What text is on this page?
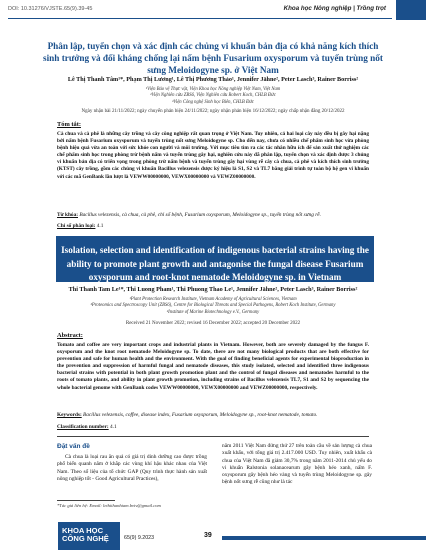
DOI: 10.31276/VJSTE.65(9).39-45	Khoa học Nông nghiệp | Trồng trọt
Phân lập, tuyển chọn và xác định các chủng vi khuẩn bản địa có khả năng kích thích sinh trưởng và đối kháng chống lại nấm bệnh Fusarium oxysporum và tuyến trùng nốt sưng Meloidogyne sp. ở Việt Nam
Lê Thị Thanh Tâm¹*, Phạm Thị Lương¹, Lê Thị Phương Thảo¹, Jennifer Jähne², Peter Lasch³, Rainer Borriss²
¹Viện Bảo vệ Thực vật, Viện Khoa học Nông nghiệp Việt Nam, Việt Nam
²Viện Nghiên cứu ZBS6, Viện Nghiên cứu Robert Koch, CHLB Đức
³Viện Công nghệ Sinh học Biên, CHLB Đức
Ngày nhận bài 21/11/2022; ngày chuyển phản biện 24/11/2022; ngày nhận phản biện 16/12/2022; ngày chấp nhận đăng 20/12/2022
Tóm tắt:
Cà chua và cà phê là những cây trồng và cây công nghiệp rất quan trọng ở Việt Nam. Tuy nhiên, cả hai loại cây này đều bị gây hại nặng bởi nấm bệnh Fusarium oxysporum và tuyến trùng nốt sưng Meloidogyne sp. Cho đến nay, chưa có nhiều chế phẩm sinh học vừa phòng bệnh hiệu quả vừa an toàn với sức khỏe con người và môi trường. Với mục tiêu tìm ra các tác nhân hữu ích để sản xuất thử nghiệm các chế phẩm sinh học trong phòng trừ bệnh nấm và tuyến trùng gây hại, nghiên cứu này đã phân lập, tuyển chọn và xác định được 3 chủng vi khuẩn bản địa có triển vọng trong phòng trừ nấm bệnh và tuyến trùng gây hại vùng rễ cây cà chua, cà phê và kích thích sinh trưởng (KTST) cây trồng, gồm các chủng vi khuẩn Bacillus velezensis được ký hiệu là S1, S2 và TL7 bằng giải trình tự toàn bộ hệ gen vi khuẩn với các mã GenBank lần lượt là VEWW00000000, VEWX00000000 và VEWZ00000000.
Từ khóa: Bacillus velezensis, cà chua, cà phê, chỉ số bệnh, Fusarium oxysporum, Meloidogyne sp., tuyến trùng nốt sưng rễ.
Chỉ số phân loại: 4.1
Isolation, selection and identification of indigenous bacterial strains having the ability to promote plant growth and antagonise the fungal disease Fusarium oxysporum and root-knot nematode Meloidogyne sp. in Vietnam
Thi Thanh Tam Le¹*, Thi Luong Pham¹, Thi Phuong Thao Le¹, Jennifer Jähne², Peter Lasch³, Rainer Borriss²
¹Plant Protection Research Institute, Vietnam Academy of Agricultural Sciences, Vietnam
²Proteomics and Spectroscopy Unit (ZBS6), Centre for Biological Threats and Special Pathogens, Robert Koch Institute, Germany
³Institute of Marine Biotechnology e.V., Germany
Received 21 November 2022; revised 16 December 2022; accepted 20 December 2022
Abstract:
Tomato and coffee are very important crops and industrial plants in Vietnam. However, both are severely damaged by the fungus F. oxysporum and the knot root nematode Meloidogyne sp. To date, there are not many biological products that are both effective for prevention and safe for human health and the environment. With the goal of finding beneficial agents for experimental bioproduction in the prevention and suppression of harmful fungal and nematode diseases, this study isolated, selected and identified three indigenous bacterial strains with potential in both plant growth promotion plant and the control of fungal diseases and nematodes harmful to the roots of tomato plants, and ability in plant growth promotion, including strains of Bacillus velezensis TL7, S1 and S2 by sequencing the whole bacterial genome with GenBank codes VEWW00000000, VEWX00000000 and VEWZ00000000, respectively.
Keywords: Bacillus velezensis, coffee, disease index, Fusarium oxysporum, Meloidogyne sp., root-knot nematode, tomato.
Classification number: 4.1
Đặt vấn đề
Cà chua là loại rau ăn quả có giá trị dinh dưỡng cao được trồng phổ biến quanh năm ở khắp các vùng khí hậu khác nhau của Việt Nam. Theo số liệu của tổ chức GAP (Quy trình thực hành sản xuất nông nghiệp tốt - Good Agricultural Practices),
năm 2011 Việt Nam đứng thứ 27 trên toàn cầu về sản lượng cà chua xuất khẩu, với tổng giá trị 2.417.000 USD. Tuy nhiên, xuất khẩu cà chua của Việt Nam đã giảm 30,7% trong năm 2011-2014 chủ yếu do vi khuẩn Ralstonia solanacearum gây bệnh héo xanh, nấm F. oxysporum gây bệnh héo vàng và tuyến trùng Meloidogyne sp. gây bệnh nốt sưng rễ cũng như là tác
*Tác giả liên hệ: Email: lethithanhtam.bvtv@gmail.com
KHOA HỌC
CÔNG NGHỆ	65(9) 9.2023	39
